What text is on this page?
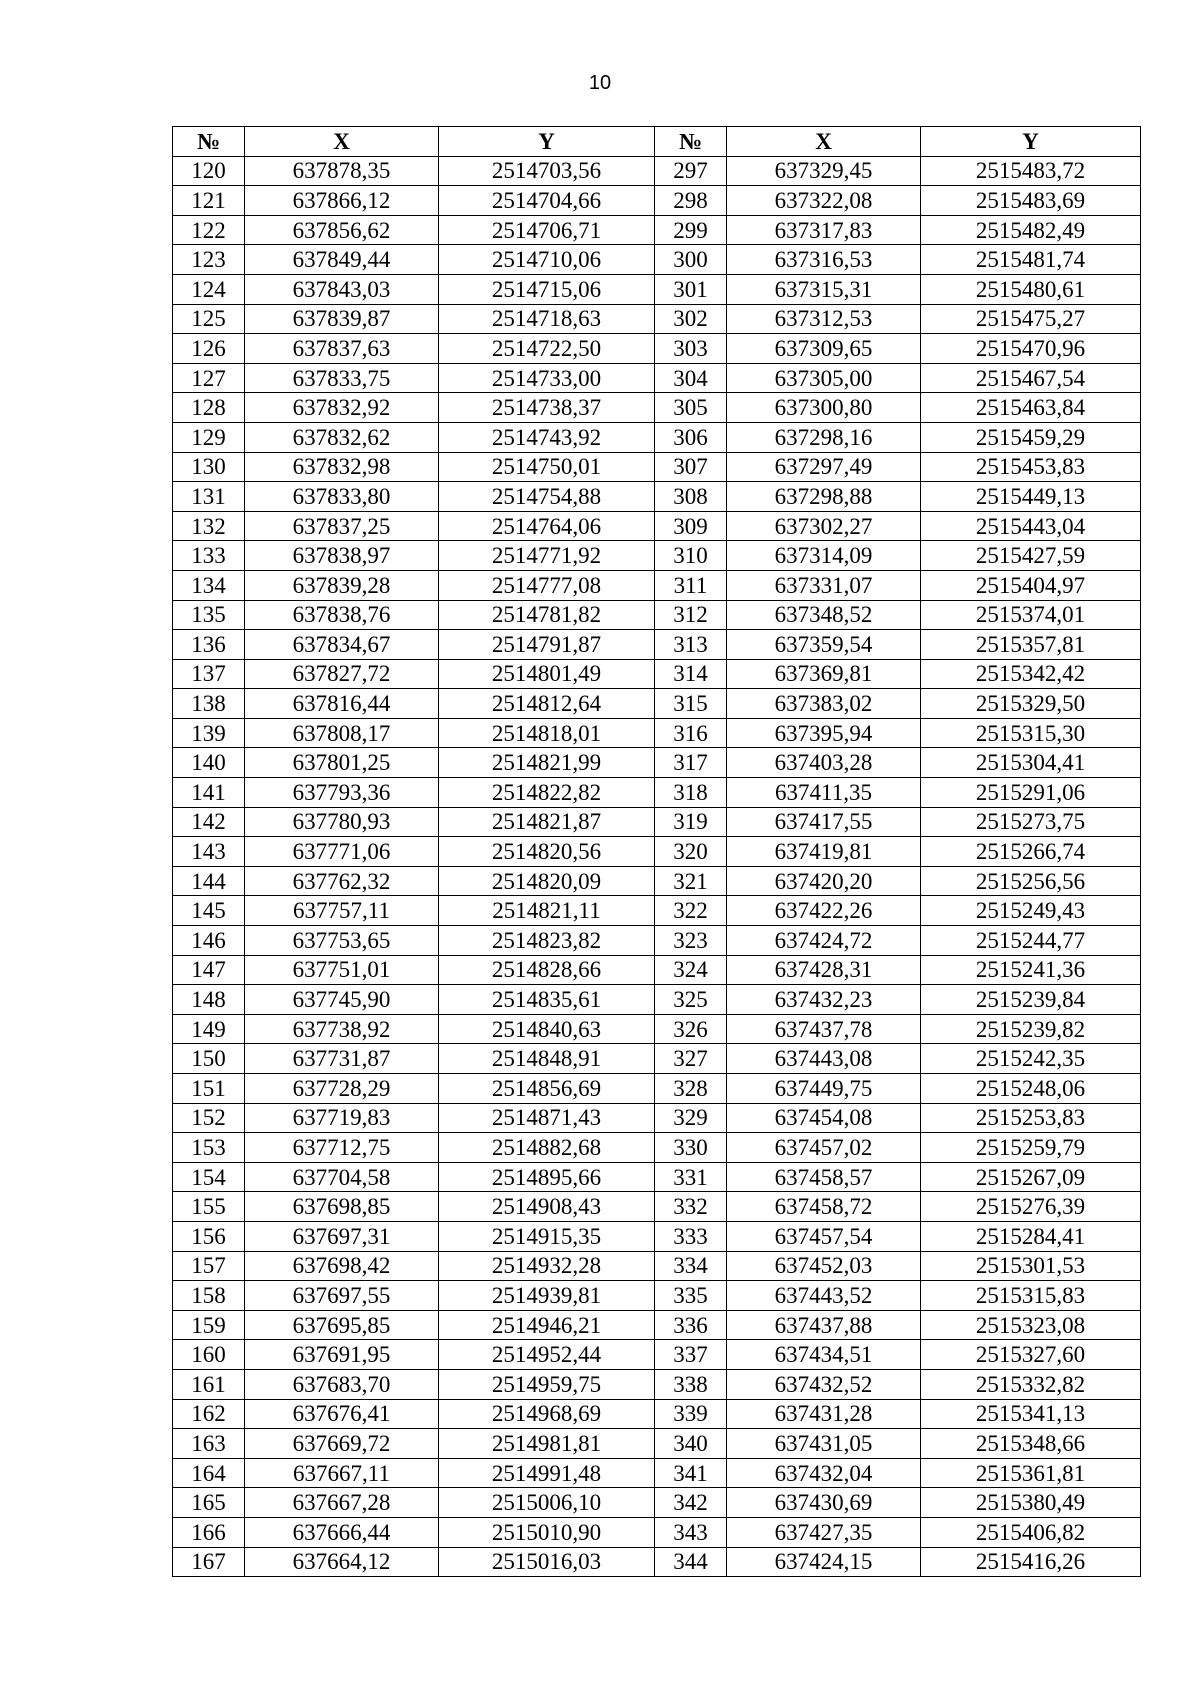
10
№	X	Y	№	X	Y
120	637878,35	2514703,56	297	637329,45	2515483,72
121	637866,12	2514704,66	298	637322,08	2515483,69
122	637856,62	2514706,71	299	637317,83	2515482,49
123	637849,44	2514710,06	300	637316,53	2515481,74
124	637843,03	2514715,06	301	637315,31	2515480,61
125	637839,87	2514718,63	302	637312,53	2515475,27
126	637837,63	2514722,50	303	637309,65	2515470,96
127	637833,75	2514733,00	304	637305,00	2515467,54
128	637832,92	2514738,37	305	637300,80	2515463,84
129	637832,62	2514743,92	306	637298,16	2515459,29
130	637832,98	2514750,01	307	637297,49	2515453,83
131	637833,80	2514754,88	308	637298,88	2515449,13
132	637837,25	2514764,06	309	637302,27	2515443,04
133	637838,97	2514771,92	310	637314,09	2515427,59
134	637839,28	2514777,08	311	637331,07	2515404,97
135	637838,76	2514781,82	312	637348,52	2515374,01
136	637834,67	2514791,87	313	637359,54	2515357,81
137	637827,72	2514801,49	314	637369,81	2515342,42
138	637816,44	2514812,64	315	637383,02	2515329,50
139	637808,17	2514818,01	316	637395,94	2515315,30
140	637801,25	2514821,99	317	637403,28	2515304,41
141	637793,36	2514822,82	318	637411,35	2515291,06
142	637780,93	2514821,87	319	637417,55	2515273,75
143	637771,06	2514820,56	320	637419,81	2515266,74
144	637762,32	2514820,09	321	637420,20	2515256,56
145	637757,11	2514821,11	322	637422,26	2515249,43
146	637753,65	2514823,82	323	637424,72	2515244,77
147	637751,01	2514828,66	324	637428,31	2515241,36
148	637745,90	2514835,61	325	637432,23	2515239,84
149	637738,92	2514840,63	326	637437,78	2515239,82
150	637731,87	2514848,91	327	637443,08	2515242,35
151	637728,29	2514856,69	328	637449,75	2515248,06
152	637719,83	2514871,43	329	637454,08	2515253,83
153	637712,75	2514882,68	330	637457,02	2515259,79
154	637704,58	2514895,66	331	637458,57	2515267,09
155	637698,85	2514908,43	332	637458,72	2515276,39
156	637697,31	2514915,35	333	637457,54	2515284,41
157	637698,42	2514932,28	334	637452,03	2515301,53
158	637697,55	2514939,81	335	637443,52	2515315,83
159	637695,85	2514946,21	336	637437,88	2515323,08
160	637691,95	2514952,44	337	637434,51	2515327,60
161	637683,70	2514959,75	338	637432,52	2515332,82
162	637676,41	2514968,69	339	637431,28	2515341,13
163	637669,72	2514981,81	340	637431,05	2515348,66
164	637667,11	2514991,48	341	637432,04	2515361,81
165	637667,28	2515006,10	342	637430,69	2515380,49
166	637666,44	2515010,90	343	637427,35	2515406,82
167	637664,12	2515016,03	344	637424,15	2515416,26
